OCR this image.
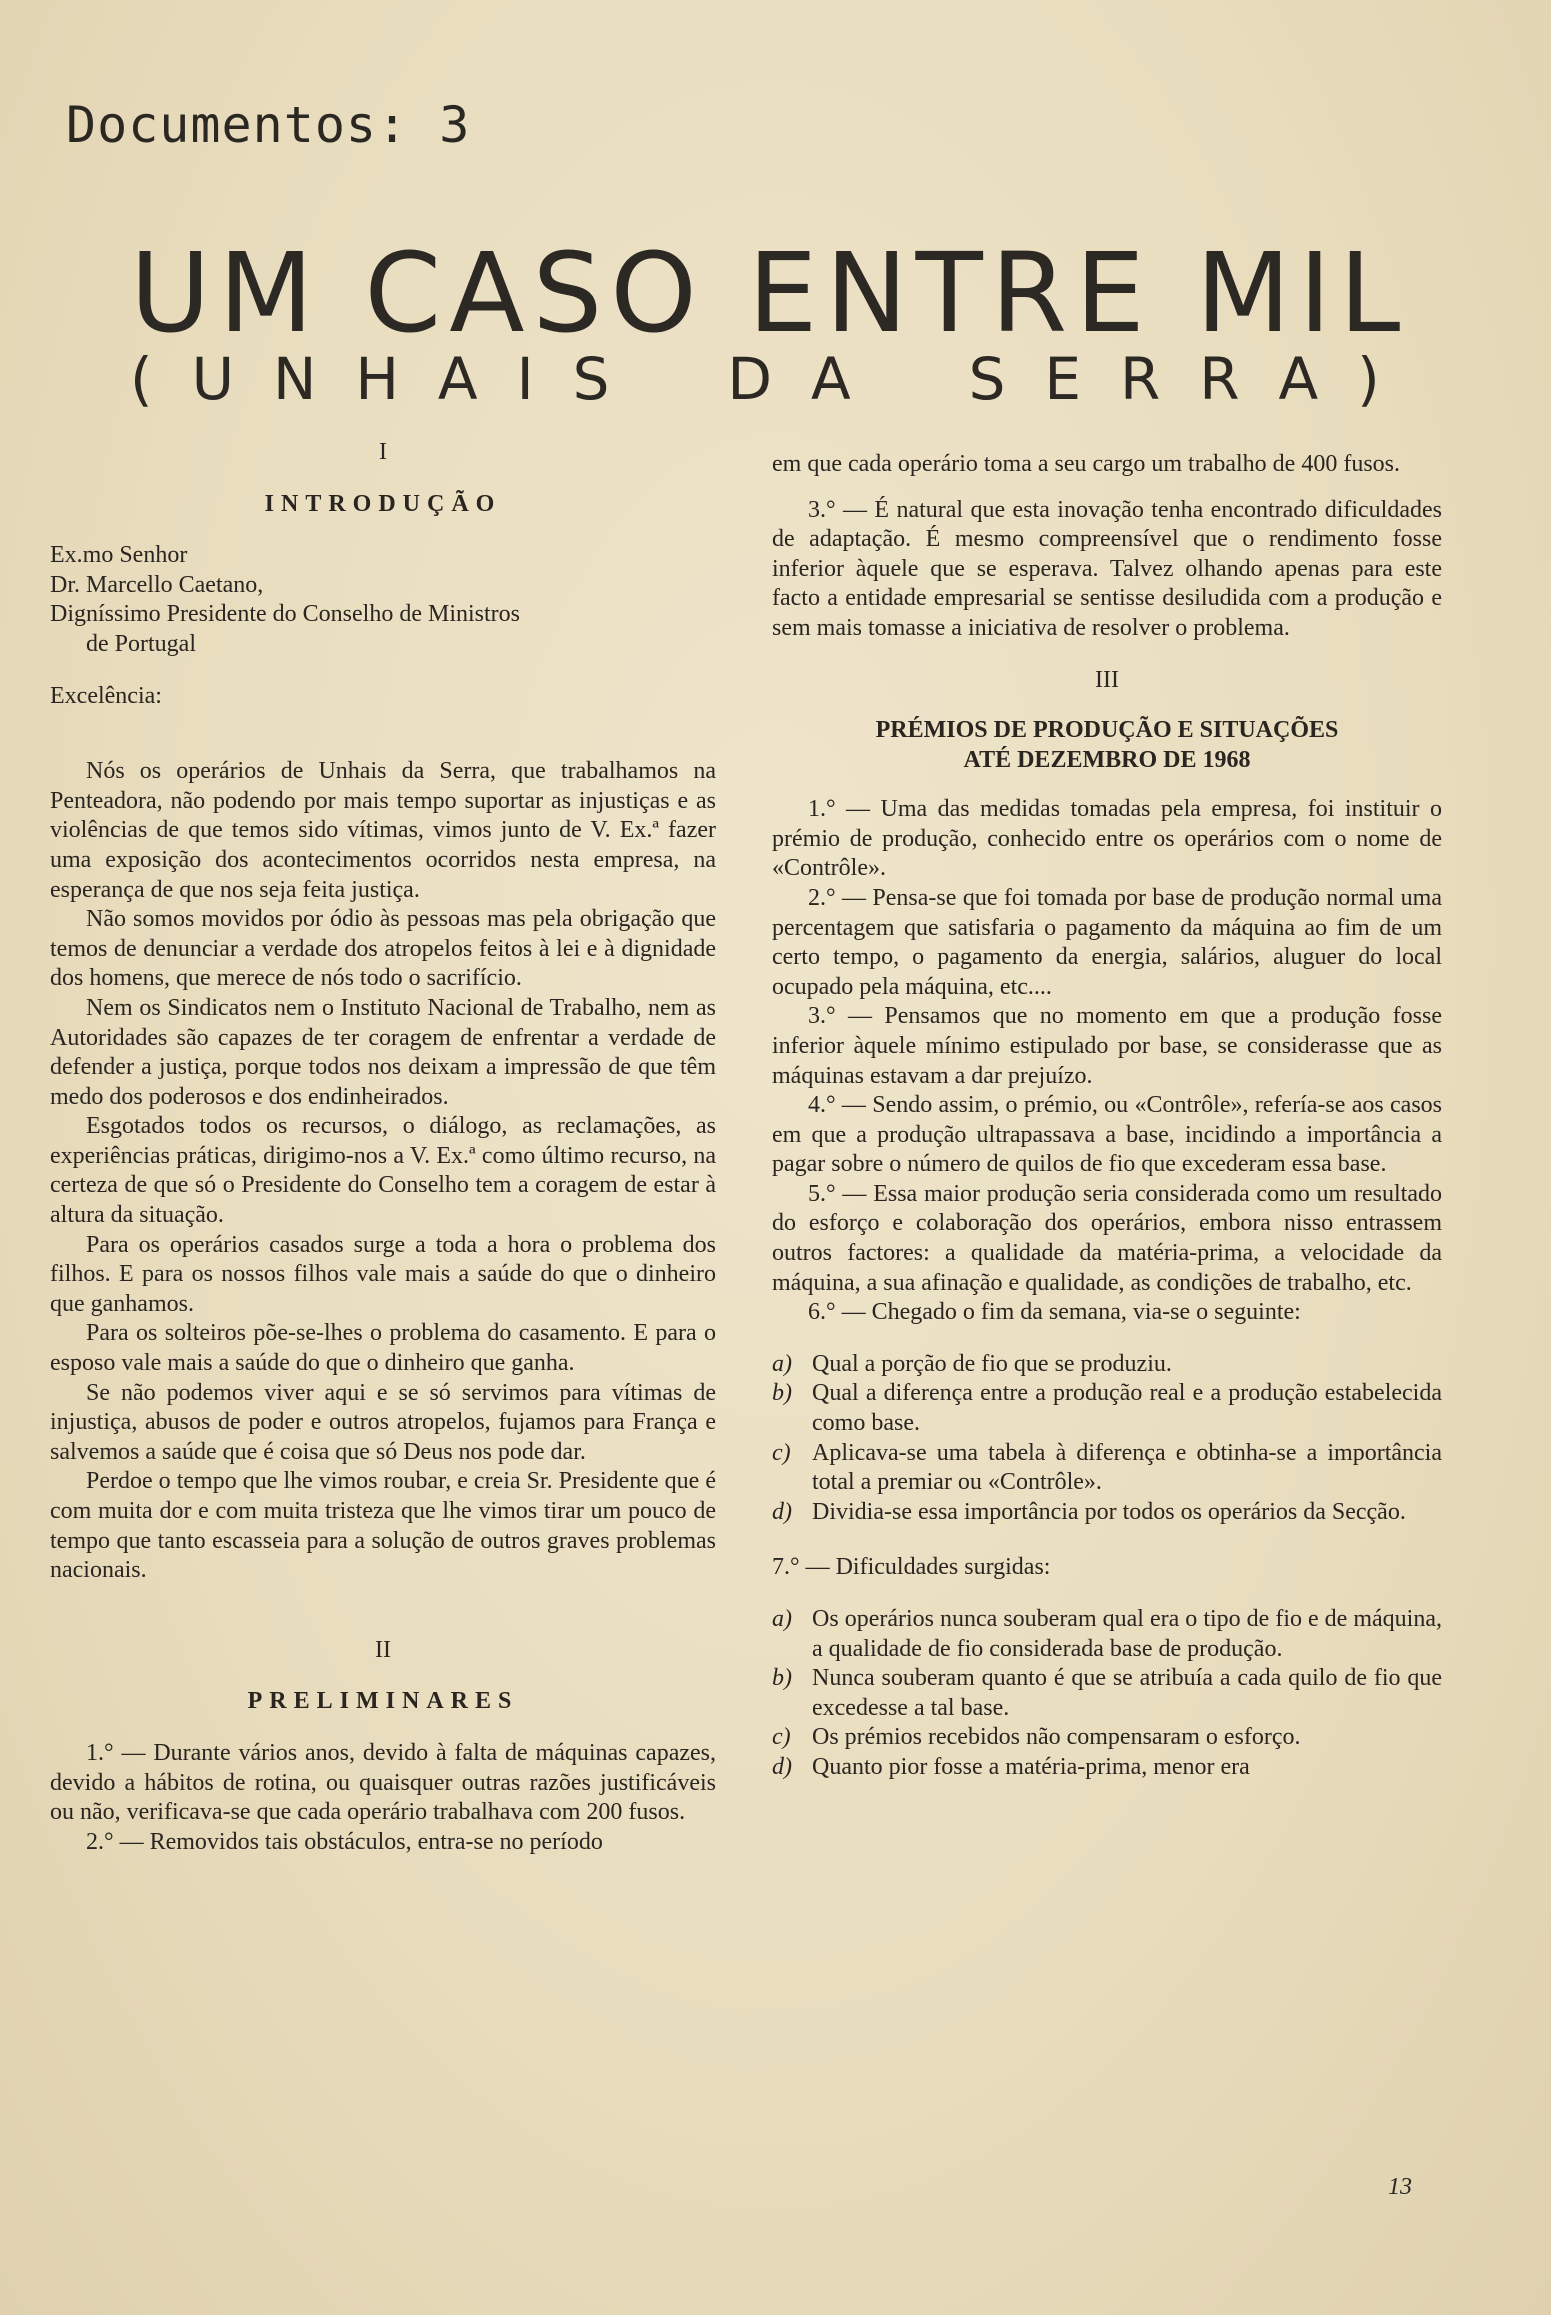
Documentos: 3
UM CASO ENTRE MIL
( U N H A I S D A S E R R A )

I

INTRODUÇÃO

Ex.mo Senhor

Dr. Marcello Caetano,

Digníssimo Presidente do Conselho de Ministros

de Portugal

Excelência:

Nós os operários de Unhais da Serra, que trabalhamos na Penteadora, não podendo por mais tempo suportar as injustiças e as violências de que temos sido vítimas, vimos junto de V. Ex.ª fazer uma exposição dos acontecimentos ocorridos nesta empresa, na esperança de que nos seja feita justiça.

Não somos movidos por ódio às pessoas mas pela obrigação que temos de denunciar a verdade dos atropelos feitos à lei e à dignidade dos homens, que merece de nós todo o sacrifício.

Nem os Sindicatos nem o Instituto Nacional de Trabalho, nem as Autoridades são capazes de ter coragem de enfrentar a verdade de defender a justiça, porque todos nos deixam a impressão de que têm medo dos poderosos e dos endinheirados.

Esgotados todos os recursos, o diálogo, as reclamações, as experiências práticas, dirigimo-nos a V. Ex.ª como último recurso, na certeza de que só o Presidente do Conselho tem a coragem de estar à altura da situação.

Para os operários casados surge a toda a hora o problema dos filhos. E para os nossos filhos vale mais a saúde do que o dinheiro que ganhamos.

Para os solteiros põe-se-lhes o problema do casamento. E para o esposo vale mais a saúde do que o dinheiro que ganha.

Se não podemos viver aqui e se só servimos para vítimas de injustiça, abusos de poder e outros atropelos, fujamos para França e salvemos a saúde que é coisa que só Deus nos pode dar.

Perdoe o tempo que lhe vimos roubar, e creia Sr. Presidente que é com muita dor e com muita tristeza que lhe vimos tirar um pouco de tempo que tanto escasseia para a solução de outros graves problemas nacionais.

II

PRELIMINARES

1.° — Durante vários anos, devido à falta de máquinas capazes, devido a hábitos de rotina, ou quaisquer outras razões justificáveis ou não, verificava-se que cada operário trabalhava com 200 fusos.

2.° — Removidos tais obstáculos, entra-se no período

em que cada operário toma a seu cargo um trabalho de 400 fusos.

3.° — É natural que esta inovação tenha encontrado dificuldades de adaptação. É mesmo compreensível que o rendimento fosse inferior àquele que se esperava. Talvez olhando apenas para este facto a entidade empresarial se sentisse desiludida com a produção e sem mais tomasse a iniciativa de resolver o problema.

III

PRÉMIOS DE PRODUÇÃO E SITUAÇÕES

ATÉ DEZEMBRO DE 1968

1.° — Uma das medidas tomadas pela empresa, foi instituir o prémio de produção, conhecido entre os operários com o nome de «Contrôle».

2.° — Pensa-se que foi tomada por base de produção normal uma percentagem que satisfaria o pagamento da máquina ao fim de um certo tempo, o pagamento da energia, salários, aluguer do local ocupado pela máquina, etc....

3.° — Pensamos que no momento em que a produção fosse inferior àquele mínimo estipulado por base, se considerasse que as máquinas estavam a dar prejuízo.

4.° — Sendo assim, o prémio, ou «Contrôle», refería-se aos casos em que a produção ultrapassava a base, incidindo a importância a pagar sobre o número de quilos de fio que excederam essa base.

5.° — Essa maior produção seria considerada como um resultado do esforço e colaboração dos operários, embora nisso entrassem outros factores: a qualidade da matéria-prima, a velocidade da máquina, a sua afinação e qualidade, as condições de trabalho, etc.

6.° — Chegado o fim da semana, via-se o seguinte:

a) Qual a porção de fio que se produziu.

b) Qual a diferença entre a produção real e a produção estabelecida como base.

c) Aplicava-se uma tabela à diferença e obtinha-se a importância total a premiar ou «Contrôle».

d) Dividia-se essa importância por todos os operários da Secção.

7.° — Dificuldades surgidas:

a) Os operários nunca souberam qual era o tipo de fio e de máquina, a qualidade de fio considerada base de produção.

b) Nunca souberam quanto é que se atribuía a cada quilo de fio que excedesse a tal base.

c) Os prémios recebidos não compensaram o esforço.

d) Quanto pior fosse a matéria-prima, menor era

13
